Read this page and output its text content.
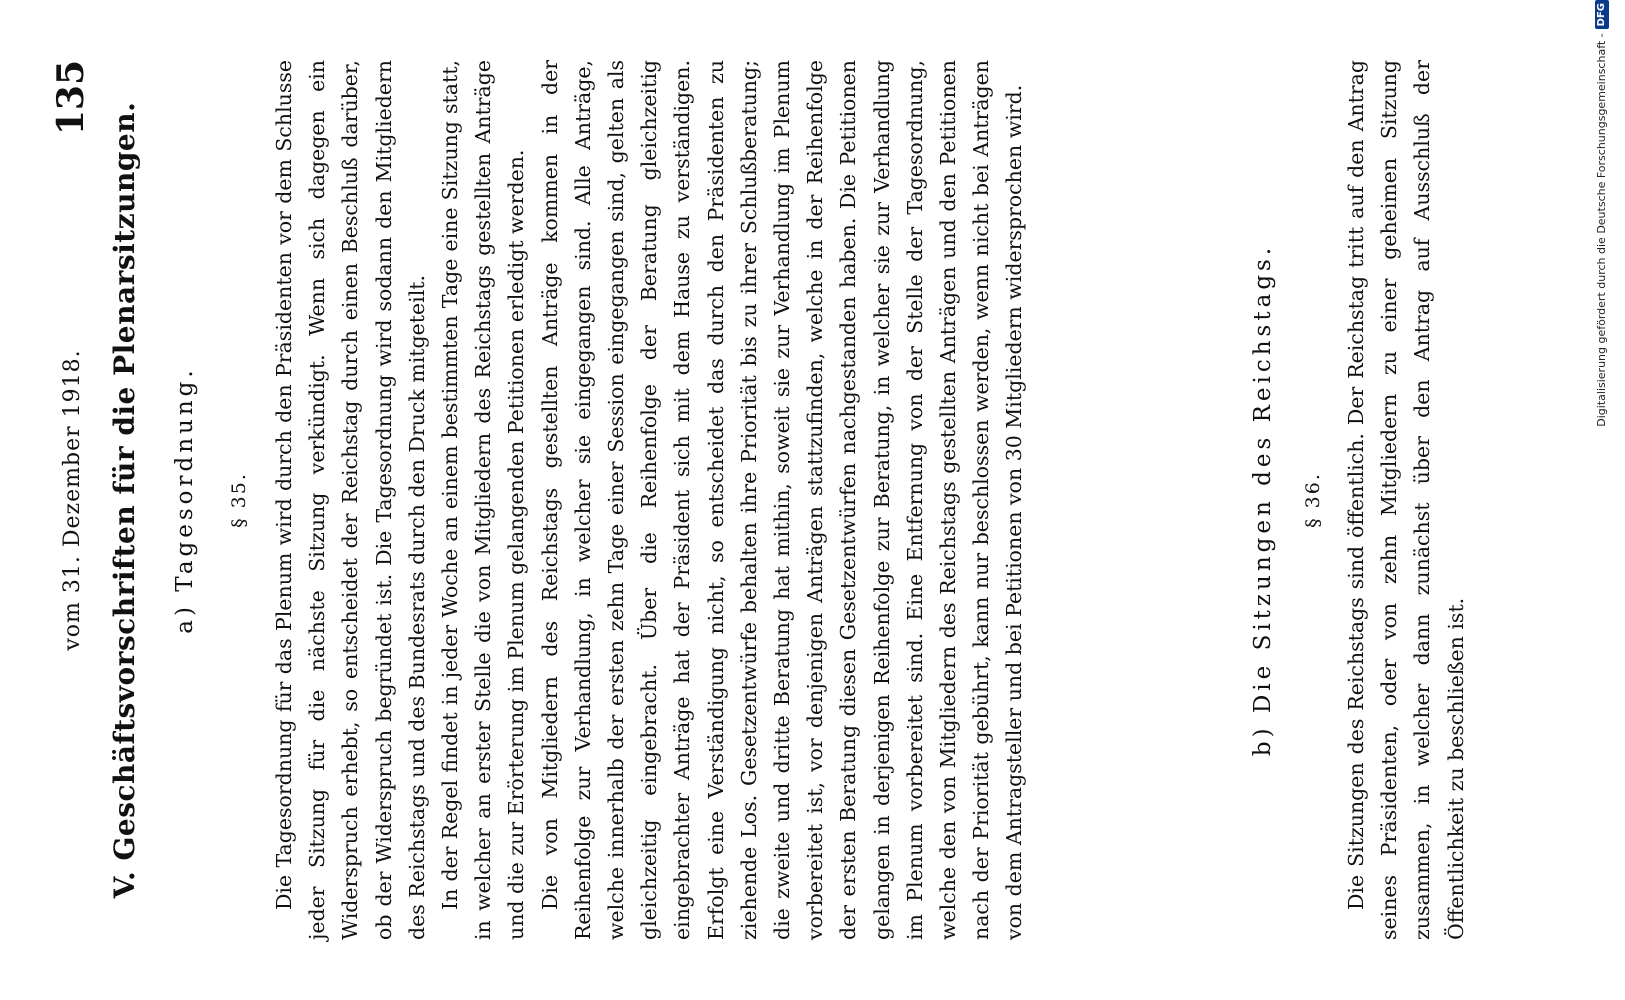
vom 31. Dezember 1918.
135
V. Geschäftsvorschriften für die Plenarsitzungen. a) Tagesordnung. § 35. Die Tagesordnung für das Plenum wird durch den Präsidenten vor dem Schlusse jeder Sitzung für die nächste Sitzung verkündigt. Wenn sich dagegen ein Widerspruch erhebt, so entscheidet der Reichstag durch einen Beschluß darüber, ob der Widerspruch begründet ist. Die Tagesordnung wird sodann den Mitgliedern des Reichstags und des Bundesrats durch den Druck mitgeteilt. In der Regel findet in jeder Woche an einem bestimmten Tage eine Sitzung statt, in welcher an erster Stelle die von Mitgliedern des Reichstags gestellten Anträge und die zur Erörterung im Plenum gelangenden Petitionen erledigt werden. Die von Mitgliedern des Reichstags gestellten Anträge kommen in der Reihenfolge zur Verhandlung, in welcher sie eingegangen sind. Alle Anträge, welche innerhalb der ersten zehn Tage einer Session eingegangen sind, gelten als gleichzeitig eingebracht. Über die Reihenfolge der Beratung gleichzeitig eingebrachter Anträge hat der Präsident sich mit dem Hause zu verständigen. Erfolgt eine Verständigung nicht, so entscheidet das durch den Präsidenten zu ziehende Los. Gesetzentwürfe behalten ihre Priorität bis zu ihrer Schlußberatung; die zweite und dritte Beratung hat mithin, soweit sie zur Verhandlung im Plenum vorbereitet ist, vor denjenigen Anträgen stattzufinden, welche in der Reihenfolge der ersten Beratung diesen Gesetzentwürfen nachgestanden haben. Die Petitionen gelangen in derjenigen Reihenfolge zur Beratung, in welcher sie zur Verhandlung im Plenum vorbereitet sind. Eine Entfernung von der Stelle der Tagesordnung, welche den von Mitgliedern des Reichstags gestellten Anträgen und den Petitionen nach der Priorität gebührt, kann nur beschlossen werden, wenn nicht bei Anträgen von dem Antragsteller und bei Petitionen von 30 Mitgliedern widersprochen wird.	b) Die Sitzungen des Reichstags. § 36. Die Sitzungen des Reichstags sind öffentlich. Der Reichstag tritt auf den Antrag seines Präsidenten, oder von zehn Mitgliedern zu einer geheimen Sitzung zusammen, in welcher dann zunächst über den Antrag auf Ausschluß der Öffentlichkeit zu beschließen ist.

Digitalisierung gefördert durch die Deutsche Forschungsgemeinschaft -DFG
